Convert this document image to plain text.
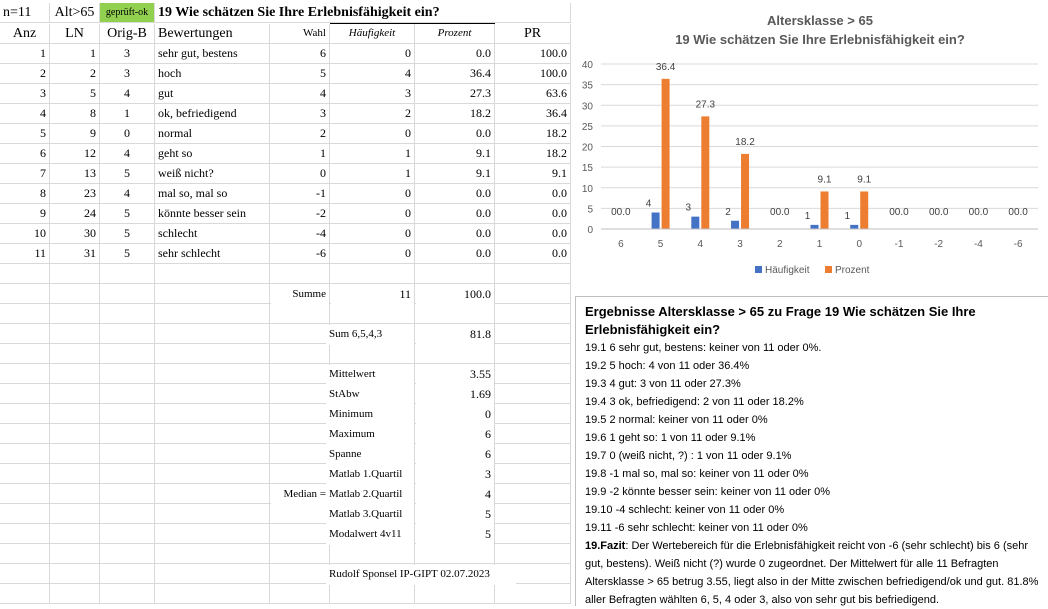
n=11	Alt>65	geprüft-ok 19 Wie schätzen Sie Ihre Erlebnisfähigkeit ein?
Anz	LN	Orig-B Bewertungen	Wahl	Häufigkeit	Prozent	PR
1	1	3	sehr gut, bestens	6	0	0.0	100.0
2	2	3	hoch	5	4	36.4	100.0
3	5	4	gut	4	3	27.3	63.6
4	8	1	ok, befriedigend	3	2	18.2	36.4
5	9	0	normal	2	0	0.0	18.2
6	12	4	geht so	1	1	9.1	18.2
7	13	5	weiß nicht?	0	1	9.1	9.1
8	23	4	mal so, mal so	-1	0	0.0	0.0
9	24	5	könnte besser sein	-2	0	0.0	0.0
10	30	5	schlecht	-4	0	0.0	0.0
11	31	5	sehr schlecht	-6	0	0.0	0.0
Summe	11	100.0
Sum 6,5,4,3	81.8
Mittelwert	3.55
StAbw	1.69
Minimum	0
Maximum	6
Spanne	6
Matlab 1.Quartil	3
Matlab 2.Quartil	4
Matlab 3.Quartil	5
Modalwert 4v11	5
Median =
Rudolf Sponsel IP-GIPT 02.07.2023
Altersklasse > 65
19 Wie schätzen Sie Ihre Erlebnisfähigkeit ein?
0
5
10
15
20
25
30
35
40
6
00.0
5
4
36.4
4
3
27.3
3
2
18.2
2
00.0
1
1
9.1
0
1
9.1
-1
00.0
-2
00.0
-4
00.0
-6
00.0
Häufigkeit	Prozent
Ergebnisse Altersklasse > 65 zu Frage 19 Wie schätzen Sie Ihre Erlebnisfähigkeit ein?
19.1 6 sehr gut, bestens: keiner von 11 oder 0%.
19.2 5 hoch: 4 von 11 oder 36.4%
19.3 4 gut: 3 von 11 oder 27.3%
19.4 3 ok, befriedigend: 2 von 11 oder 18.2%
19.5 2 normal: keiner von 11 oder 0%
19.6 1 geht so: 1 von 11 oder 9.1%
19.7 0 (weiß nicht, ?) : 1 von 11 oder 9.1%
19.8 -1 mal so, mal so: keiner von 11 oder 0%
19.9 -2 könnte besser sein: keiner von 11 oder 0%
19.10 -4 schlecht: keiner von 11 oder 0%
19.11 -6 sehr schlecht: keiner von 11 oder 0%
19.Fazit: Der Wertebereich für die Erlebnisfähigkeit reicht von -6 (sehr schlecht) bis 6 (sehr gut, bestens). Weiß nicht (?) wurde 0 zugeordnet. Der Mittelwert für alle 11 Befragten Altersklasse > 65 betrug 3.55, liegt also in der Mitte zwischen befriedigend/ok und gut. 81.8% aller Befragten wählten 6, 5, 4 oder 3, also von sehr gut bis befriedigend.
